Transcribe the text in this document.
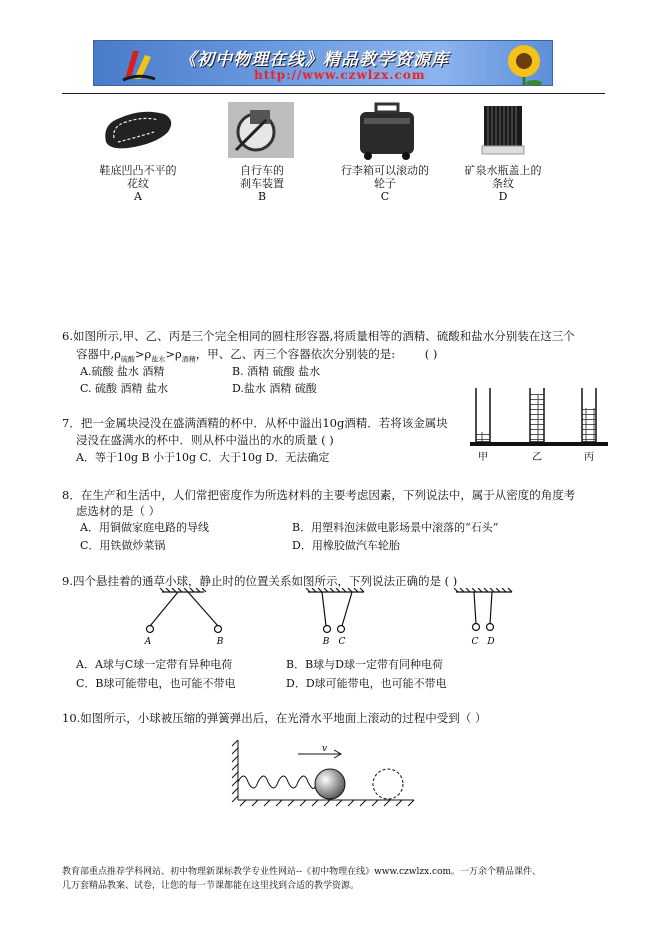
《初中物理在线》精品教学资源库
http://www.czwlzx.com
鞋底凹凸不平的
花纹
A
自行车的
刹车装置
B
行李箱可以滚动的
轮子
C
矿泉水瓶盖上的
条纹
D
6.如图所示,甲、乙、丙是三个完全相同的圆柱形容器,将质量相等的酒精、硫酸和盐水分别装在这三个
容器中$,\rho_{硫酸}>\rho_{盐水}>\rho_{酒精}$，甲、乙、丙三个容器依次分别装的是:	( )
A.硫酸 盐水 酒精	B. 酒精 硫酸 盐水
C. 硫酸 酒精 盐水	D.盐水 酒精 硫酸
甲	乙	丙
7．把一金属块浸没在盛满酒精的杯中．从杯中溢出10g酒精．若将该金属块
浸没在盛满水的杯中．则从杯中溢出的水的质量 ( )
A．等于10g B 小于10g C．大于10g D．无法确定
8．在生产和生活中，人们常把密度作为所选材料的主要考虑因素，下列说法中，属于从密度的角度考
虑选材的是（ ）
A．用铜做家庭电路的导线	B．用塑料泡沫做电影场景中滚落的“石头”
C．用铁做炒菜锅	D．用橡胶做汽车轮胎
9.四个悬挂着的通草小球，静止时的位置关系如图所示，下列说法正确的是 ( )
A	B	B C	C D
A．A球与C球一定带有异种电荷	B．B球与D球一定带有同种电荷
C．B球可能带电，也可能不带电	D．D球可能带电，也可能不带电
10.如图所示，小球被压缩的弹簧弹出后，在光滑水平地面上滚动的过程中受到（ ）
v
教育部重点推荐学科网站、初中物理新课标教学专业性网站--《初中物理在线》www.czwlzx.com。一万余个精品课件、
几万套精品教案、试卷，让您的每一节课都能在这里找到合适的教学资源。
